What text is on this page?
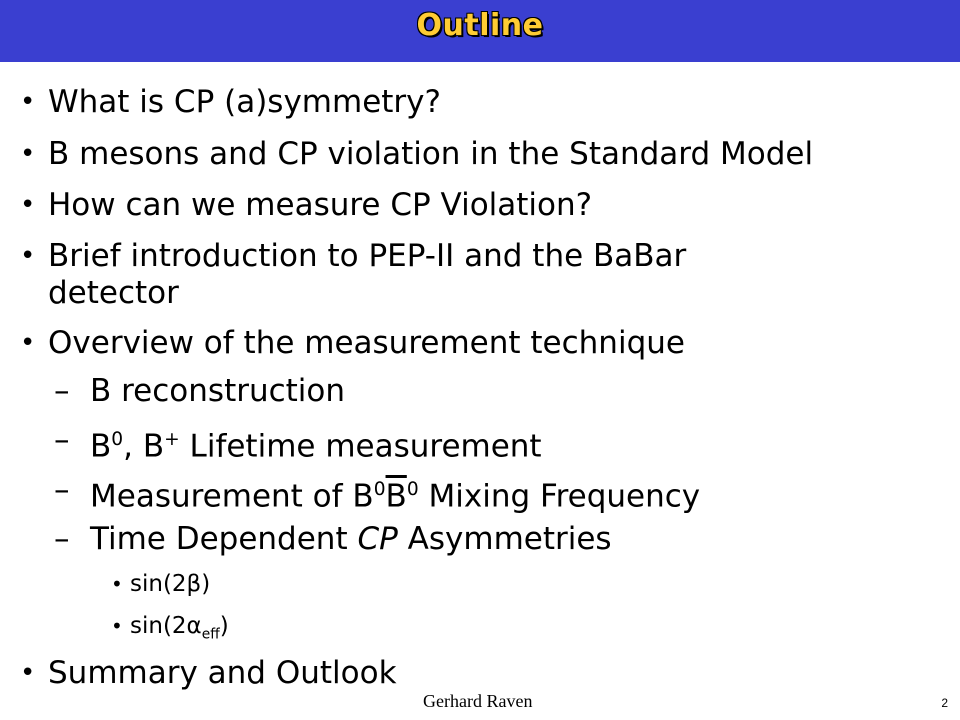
Outline
• What is CP (a)symmetry?
• B mesons and CP violation in the Standard Model
• How can we measure CP Violation?
• Brief introduction to PEP-II and the BaBar
detector
• Overview of the measurement technique
– B reconstruction
– $B^0$, B+ Lifetime measurement
– Measurement of $B^0\overline{B}^0$ Mixing Frequency
– Time Dependent CP Asymmetries
• sin(2β)
• $\sin(2\alpha_{eff})$
• Summary and Outlook
Gerhard Raven	2
